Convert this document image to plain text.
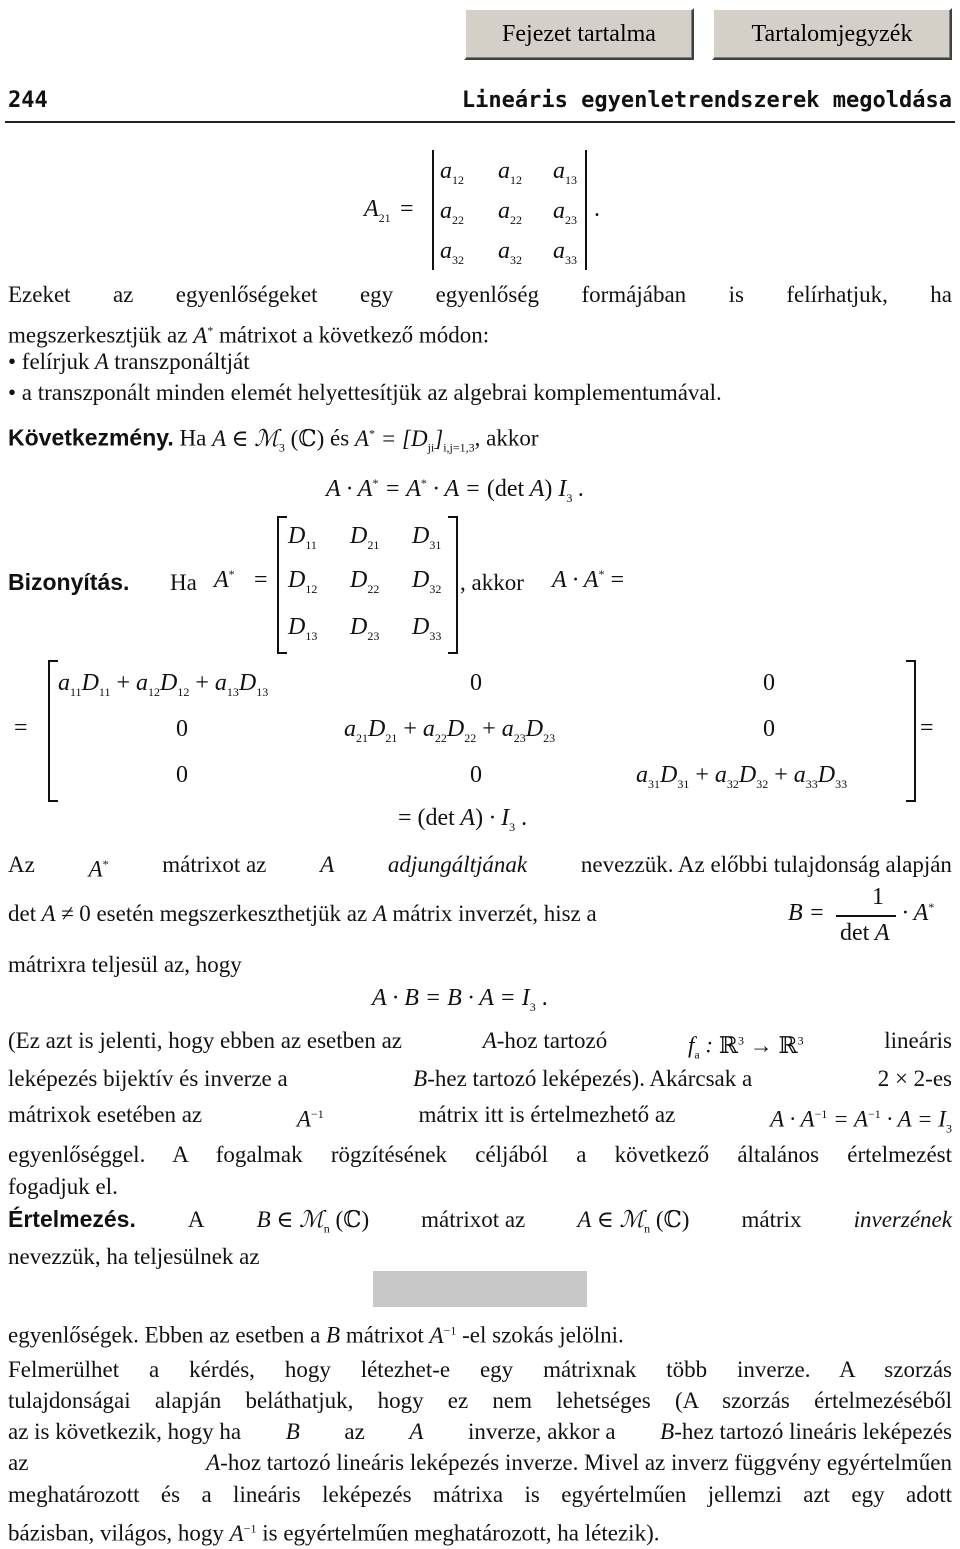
Fejezet tartalma	Tartalomjegyzék
244	Lineáris egyenletrendszerek megoldása
$A_{21}$ =
$a_{12}$ $a_{12}$ $a_{13}$
$a_{22}$ $a_{22}$ $a_{23}$
$a_{32}$ $a_{32}$ $a_{33}$
.
Ezeket az egyenlőségeket egy egyenlőség formájában is felírhatjuk, ha
megszerkesztjük az A* mátrixot a következő módon:
• felírjuk A transzponáltját
• a transzponált minden elemét helyettesítjük az algebrai komplementumával.
Következmény. Ha A ∈ ℳ$_3$ (ℂ) és $A^* = [D_{ji}]_{i,j=1,3}$, akkor
A · A* = A* · A = (det A) $I_3$ .
Bizonyítás. Ha A* =
$D_{11}$ $D_{21}$ $D_{31}$
$D_{12}$ $D_{22}$ $D_{32}$
$D_{13}$ $D_{23}$ $D_{33}$
, akkor A · A* =
=
$a_{11}D_{11} + a_{12}D_{12} + a_{13}D_{13}$	0	0
0	$a_{21}D_{21} + a_{22}D_{22} + a_{23}D_{23}$	0
0	0	$a_{31}D_{31} + a_{32}D_{32} + a_{33}D_{33}$
=
= (det $A) \cdot I_3$ .
Az A* mátrixot az A adjungáltjának nevezzük. Az előbbi tulajdonság alapján
det A ≠ 0 esetén megszerkeszthetjük az A mátrix inverzét, hisz a	B =
1
det A
· A*
mátrixra teljesül az, hogy
$A \cdot B = B \cdot A = I_3$ .
(Ez azt is jelenti, hogy ebben az esetben az	A-hoz tartozó	$f_a$ : ℝ$^3$ → ℝ$^3$	lineáris
leképezés bijektív és inverze a	B-hez tartozó leképezés). Akárcsak a	2 × 2-es
mátrixok esetében az	$A^{-1}$	mátrix itt is értelmezhető az	$A \cdot A^{-1} = A^{-1} \cdot A = I_3$
egyenlőséggel. A fogalmak rögzítésének céljából a következő általános értelmezést
fogadjuk el.
Értelmezés. A B ∈ ℳ$_n$ (ℂ) mátrixot az A ∈ ℳ$_n$ (ℂ) mátrix inverzének
nevezzük, ha teljesülnek az
egyenlőségek. Ebben az esetben a B mátrixot $A^{-1}$ -el szokás jelölni.
Felmerülhet a kérdés, hogy létezhet-e egy mátrixnak több inverze. A szorzás
tulajdonságai alapján beláthatjuk, hogy ez nem lehetséges (A szorzás értelmezéséből
az is következik, hogy ha B az A inverze, akkor a B-hez tartozó lineáris leképezés
az	A-hoz tartozó lineáris leképezés inverze. Mivel az inverz függvény egyértelműen
meghatározott és a lineáris leképezés mátrixa is egyértelműen jellemzi azt egy adott
bázisban, világos, hogy $A^{-1}$ is egyértelműen meghatározott, ha létezik).
